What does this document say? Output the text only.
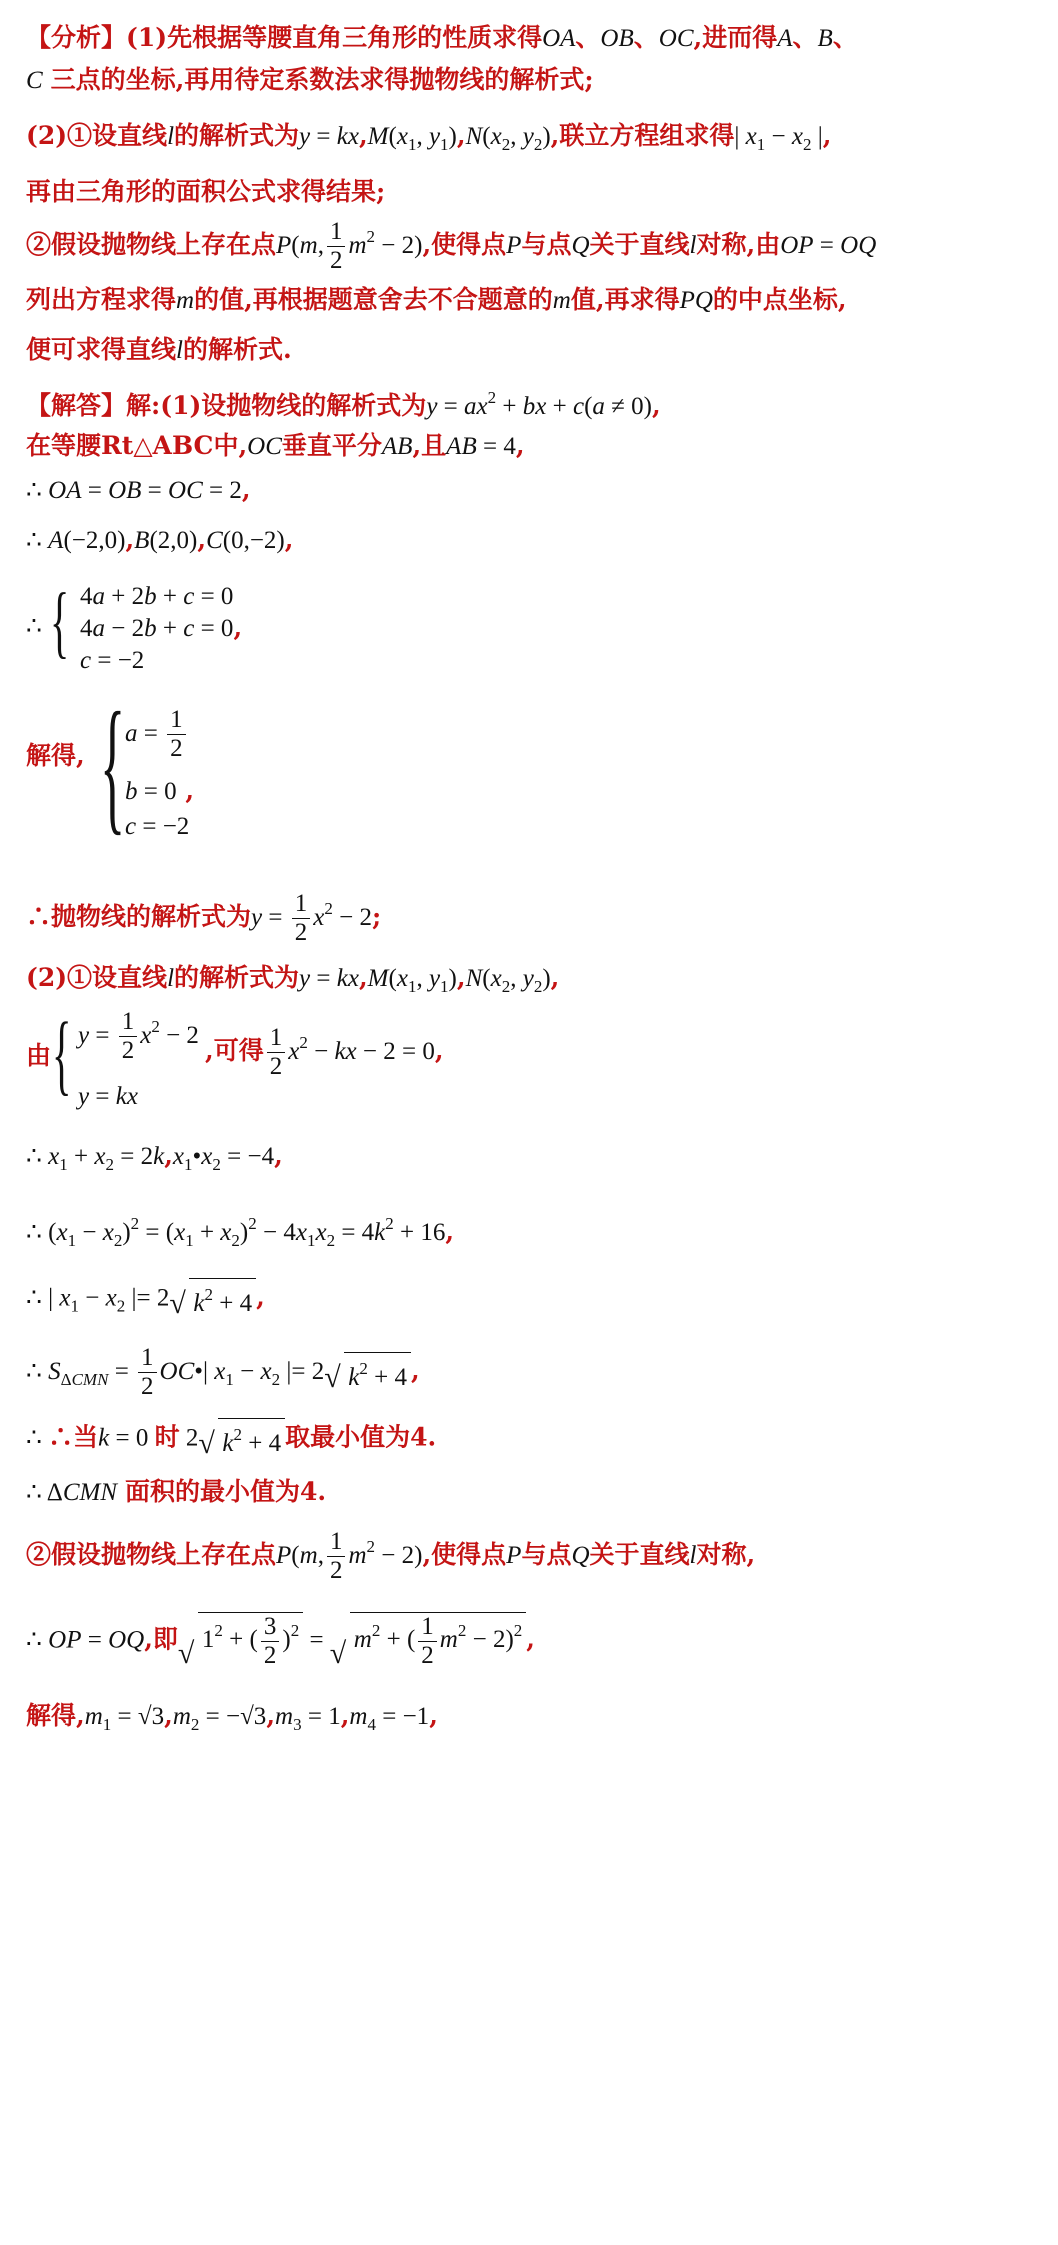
【分析】(1)先根据等腰直角三角形的性质求得OA、OB、OC,进而得A、B、
C 三点的坐标,再用待定系数法求得抛物线的解析式;
(2)①设直线l的解析式为$y = kx,M(x_1$, $y_1),N(x_2$, $y_2$),联立方程组求得| $x_1 - x_2$ |,
再由三角形的面积公式求得结果;
②假设抛物线上存在点P(m, $\frac{1}{2} m^2 - 2$),使得点P与点Q关于直线l对称,由OP = OQ
列出方程求得m的值,再根据题意舍去不合题意的m值,再求得PQ的中点坐标,
便可求得直线l的解析式.
【解答】解:(1)设抛物线的解析式为$y = ax^2$ + bx + c(a ≠ 0),
在等腰Rt△ABC中,OC垂直平分AB,且AB = 4,
∴ OA = OB = OC = 2,
∴ A(−2,0),B(2,0),C(0,−2),
∴ { 4a + 2b + c = 0
4a − 2b + c = 0,
c = −2
解得, { $a = \frac{1}{2}$
b = 0 ,
c = −2
∴抛物线的解析式为$y = \frac{1}{2} x^2 - 2$;
(2)①设直线l的解析式为$y = kx,M(x_1$, $y_1),N(x_2$, $y_2$),
由 { $y = \frac{1}{2} x^2 - 2$
y = kx
,可得 $\frac{1}{2} x^2$ − kx − 2 = 0,
∴ $x_1 + x_2$ = $2k,x_1•x_2 = -4$,
∴ $(x_1 - x_2)^2 = (x_1 + x_2)^2 - 4x_1x_2 = 4k^2 + 16$,
∴ | $x_1 - x_2$ |= 2 √ $k^2 + 4$ ,
∴ $S_{\Delta CMN} = \frac{1}{2}$ OC•| $x_1 - x_2$ |= 2 √ $k^2 + 4$ ,
∴ ∴当k = 0 时 2 √ $k^2 + 4$ 取最小值为4.
∴ ΔCMN 面积的最小值为4.
②假设抛物线上存在点P(m, $\frac{1}{2} m^2 - 2$),使得点P与点Q关于直线l对称,
∴ OP = OQ,即 √ $1^2$ + ( $\frac{3}{2} )^2$ = √ $m^2$ + ( $\frac{1}{2} m^2 - 2)^2$ ,
解得$,m_1 = √3,m_2 = -√3,m_3 = 1,m_4 = -1$,
